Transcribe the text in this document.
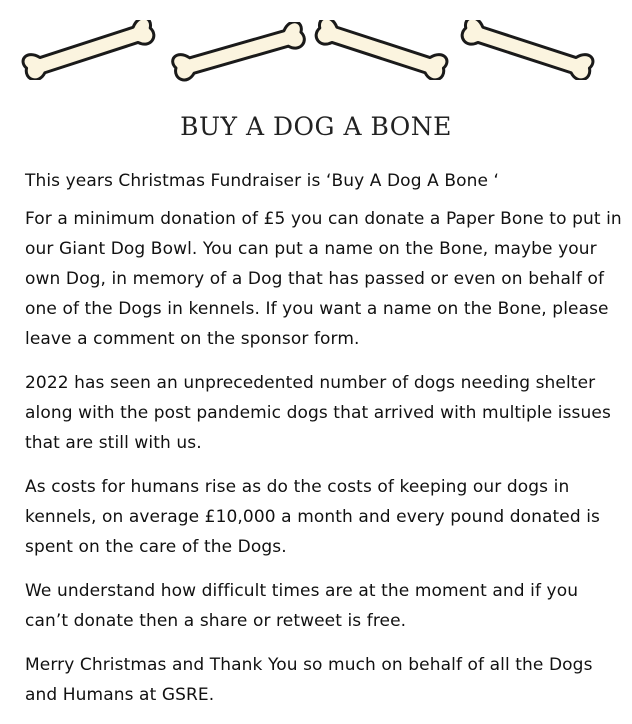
BUY A DOG A BONE

This years Christmas Fundraiser is ‘Buy A Dog A Bone ‘

For a minimum donation of £5 you can donate a Paper Bone to put in our Giant Dog Bowl. You can put a name on the Bone, maybe your own Dog, in memory of a Dog that has passed or even on behalf of one of the Dogs in kennels. If you want a name on the Bone, please leave a comment on the sponsor form.

2022 has seen an unprecedented number of dogs needing shelter along with the post pandemic dogs that arrived with multiple issues that are still with us.

As costs for humans rise as do the costs of keeping our dogs in kennels, on average £10,000 a month and every pound donated is spent on the care of the Dogs.

We understand how difficult times are at the moment and if you can’t donate then a share or retweet is free.

Merry Christmas and Thank You so much on behalf of all the Dogs and Humans at GSRE.
